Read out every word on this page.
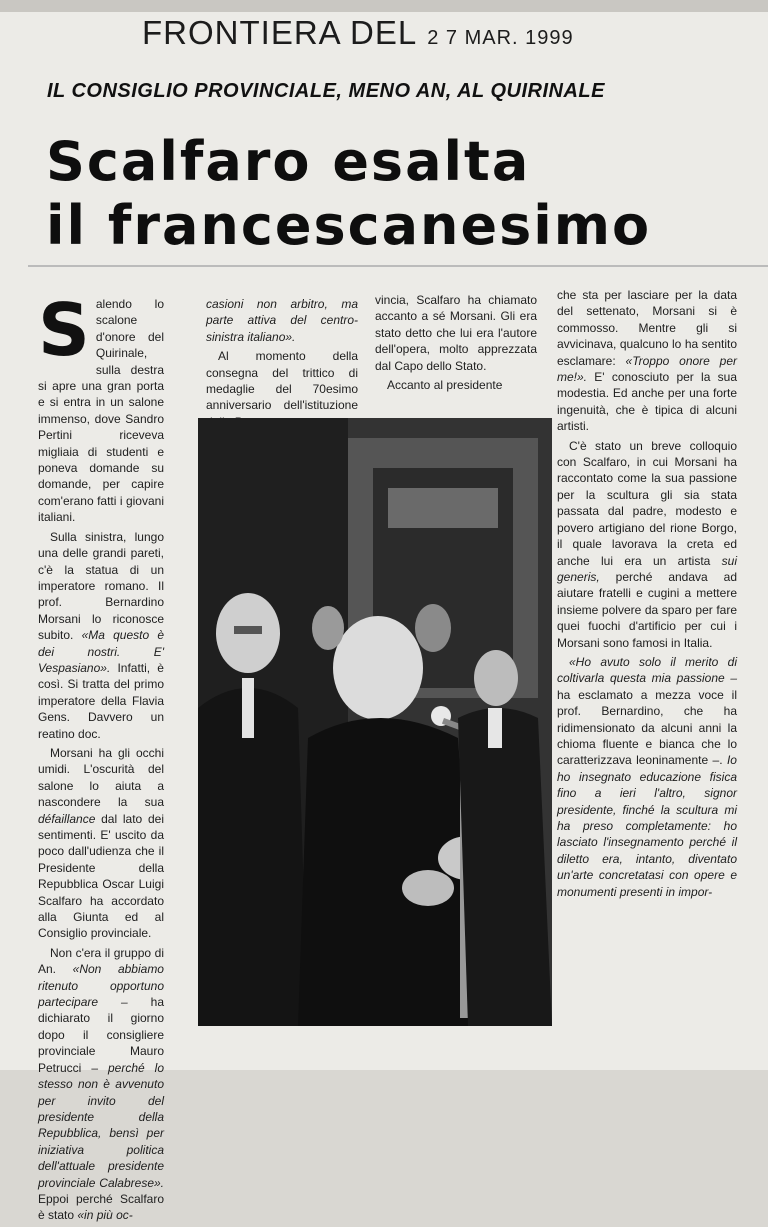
FRONTIERA DEL 2 7 MAR. 1999
IL CONSIGLIO PROVINCIALE, MENO AN, AL QUIRINALE
Scalfaro esalta
il francescanesimo

Salendo lo scalone d'onore del Quirinale, sulla destra si apre una gran porta e si entra in un salone immenso, dove Sandro Pertini riceveva migliaia di studenti e poneva domande su domande, per capire com'erano fatti i giovani italiani.

 Sulla sinistra, lungo una delle grandi pareti, c'è la statua di un imperatore romano. Il prof. Bernardino Morsani lo riconosce subito. «Ma questo è dei nostri. E' Vespasiano». Infatti, è così. Si tratta del primo imperatore della Flavia Gens. Davvero un reatino doc.

 Morsani ha gli occhi umidi. L'oscurità del salone lo aiuta a nascondere la sua défaillance dal lato dei sentimenti. E' uscito da poco dall'udienza che il Presidente della Repubblica Oscar Luigi Scalfaro ha accordato alla Giunta ed al Consiglio provinciale.

 Non c'era il gruppo di An. «Non abbiamo ritenuto opportuno partecipare – ha dichiarato il giorno dopo il consigliere provinciale Mauro Petrucci – perché lo stesso non è avvenuto per invito del presidente della Repubblica, bensì per iniziativa politica dell'attuale presidente provinciale Calabrese». Eppoi perché Scalfaro è stato «in più oc-

casioni non arbitro, ma parte attiva del centro-sinistra italiano».

 Al momento della consegna del trittico di medaglie del 70esimo anniversario dell'istituzione

vincia, Scalfaro ha chiamato accanto a sé Morsani. Gli era stato detto che lui era l'autore dell'opera, molto apprezzata dal Capo dello Stato.

 Accanto al presidente

che sta per lasciare per la data del settenato, Morsani si è commosso. Mentre gli si avvicinava, qualcuno lo ha sentito esclamare: «Troppo onore per me!». E' conosciuto per la sua modestia. Ed anche per una forte ingenuità, che è tipica di alcuni artisti.

 C'è stato un breve colloquio con Scalfaro, in cui Morsani ha raccontato come la sua passione per la scultura gli sia stata passata dal padre, modesto e povero artigiano del rione Borgo, il quale lavorava la creta ed anche lui era un artista sui generis, perché andava ad aiutare fratelli e cugini a mettere insieme polvere da sparo per fare quei fuochi d'artificio per cui i Morsani sono famosi in Italia.

 «Ho avuto solo il merito di coltivarla questa mia passione – ha esclamato a mezza voce il prof. Bernardino, che ha ridimensionato da alcuni anni la chioma fluente e bianca che lo caratterizzava leoninamente –. Io ho insegnato educazione fisica fino a ieri l'altro, signor presidente, finché la scultura mi ha preso completamente: ho lasciato l'insegnamento perché il diletto era, intanto, diventato un'arte concretatasi con opere e monumenti presenti in impor-
